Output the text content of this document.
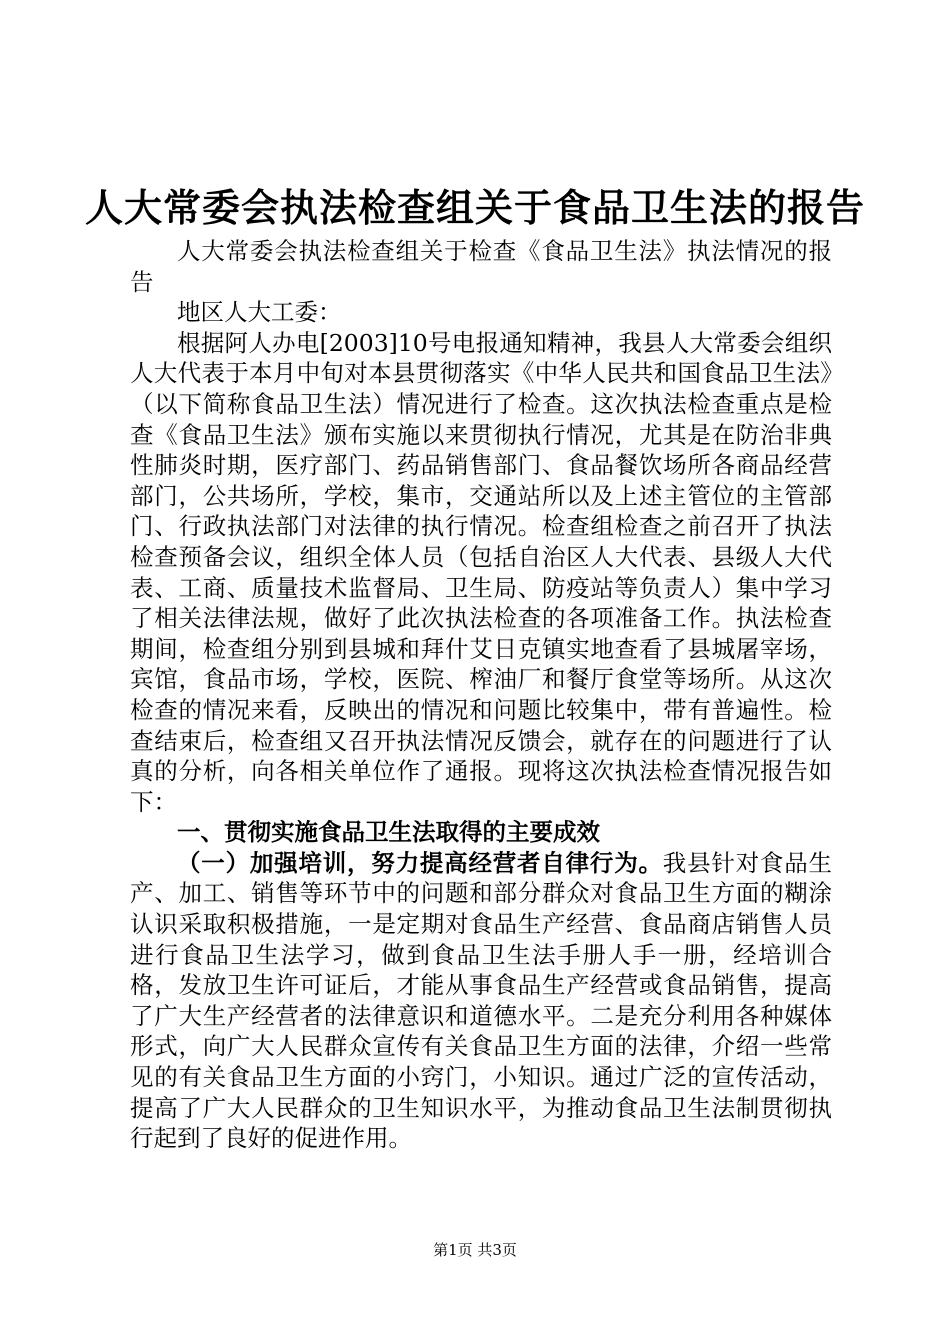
人大常委会执法检查组关于食品卫生法的报告

人大常委会执法检查组关于检查《食品卫生法》执法情况的报告

地区人大工委：

根据阿人办电[2003]10号电报通知精神，我县人大常委会组织人大代表于本月中旬对本县贯彻落实《中华人民共和国食品卫生法》（以下简称食品卫生法）情况进行了检查。这次执法检查重点是检查《食品卫生法》颁布实施以来贯彻执行情况，尤其是在防治非典性肺炎时期，医疗部门、药品销售部门、食品餐饮场所各商品经营部门，公共场所，学校，集市，交通站所以及上述主管位的主管部门、行政执法部门对法律的执行情况。检查组检查之前召开了执法检查预备会议，组织全体人员（包括自治区人大代表、县级人大代表、工商、质量技术监督局、卫生局、防疫站等负责人）集中学习了相关法律法规，做好了此次执法检查的各项准备工作。执法检查期间，检查组分别到县城和拜什艾日克镇实地查看了县城屠宰场，宾馆，食品市场，学校，医院、榨油厂和餐厅食堂等场所。从这次检查的情况来看，反映出的情况和问题比较集中，带有普遍性。检查结束后，检查组又召开执法情况反馈会，就存在的问题进行了认真的分析，向各相关单位作了通报。现将这次执法检查情况报告如下：

一、贯彻实施食品卫生法取得的主要成效

（一）加强培训，努力提高经营者自律行为。我县针对食品生产、加工、销售等环节中的问题和部分群众对食品卫生方面的糊涂认识采取积极措施，一是定期对食品生产经营、食品商店销售人员进行食品卫生法学习，做到食品卫生法手册人手一册，经培训合格，发放卫生许可证后，才能从事食品生产经营或食品销售，提高了广大生产经营者的法律意识和道德水平。二是充分利用各种媒体形式，向广大人民群众宣传有关食品卫生方面的法律，介绍一些常见的有关食品卫生方面的小窍门，小知识。通过广泛的宣传活动，提高了广大人民群众的卫生知识水平，为推动食品卫生法制贯彻执行起到了良好的促进作用。

第1页 共3页
